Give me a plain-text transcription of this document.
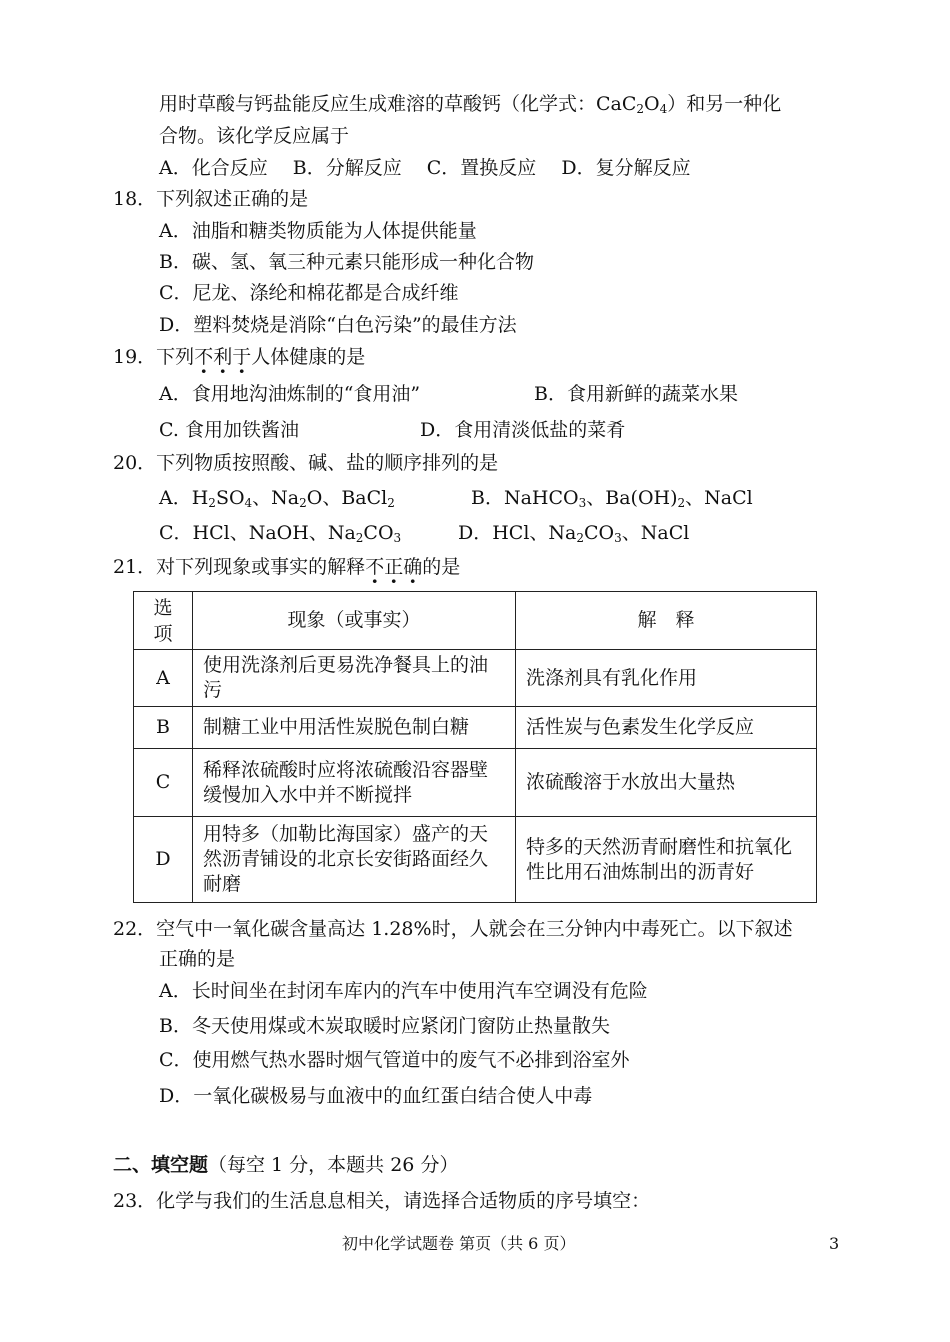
用时草酸与钙盐能反应生成难溶的草酸钙（化学式：$CaC_2O_4$）和另一种化
合物。该化学反应属于
A．化合反应　 B．分解反应　 C．置换反应　 D．复分解反应
18．下列叙述正确的是
A．油脂和糖类物质能为人体提供能量
B．碳、氢、氧三种元素只能形成一种化合物
C．尼龙、涤纶和棉花都是合成纤维
D．塑料焚烧是消除“白色污染”的最佳方法
19．下列不利于人体健康的是
A．食用地沟油炼制的“食用油”	B．食用新鲜的蔬菜水果
C. 食用加铁酱油	D．食用清淡低盐的菜肴
20．下列物质按照酸、碱、盐的顺序排列的是
A．$H_2SO_4$、$Na_2O$、BaCl$_2$	B．NaHCO$_3$、$Ba(OH)_2$、NaCl
C．HCl、NaOH、$Na_2CO_3$	D．HCl、$Na_2CO_3$、NaCl
21．对下列现象或事实的解释不正确的是
选项	现象（或事实）	解　释
A	使用洗涤剂后更易洗净餐具上的油污	洗涤剂具有乳化作用
B	制糖工业中用活性炭脱色制白糖	活性炭与色素发生化学反应
C	稀释浓硫酸时应将浓硫酸沿容器壁缓慢加入水中并不断搅拌	浓硫酸溶于水放出大量热
D	用特多（加勒比海国家）盛产的天然沥青铺设的北京长安街路面经久耐磨	特多的天然沥青耐磨性和抗氧化性比用石油炼制出的沥青好
22．空气中一氧化碳含量高达 1.28%时，人就会在三分钟内中毒死亡。以下叙述
正确的是
A．长时间坐在封闭车库内的汽车中使用汽车空调没有危险
B．冬天使用煤或木炭取暖时应紧闭门窗防止热量散失
C．使用燃气热水器时烟气管道中的废气不必排到浴室外
D．一氧化碳极易与血液中的血红蛋白结合使人中毒
二、填空题（每空 1 分，本题共 26 分）
23．化学与我们的生活息息相关，请选择合适物质的序号填空：
初中化学试题卷 第页（共 6 页）	3
